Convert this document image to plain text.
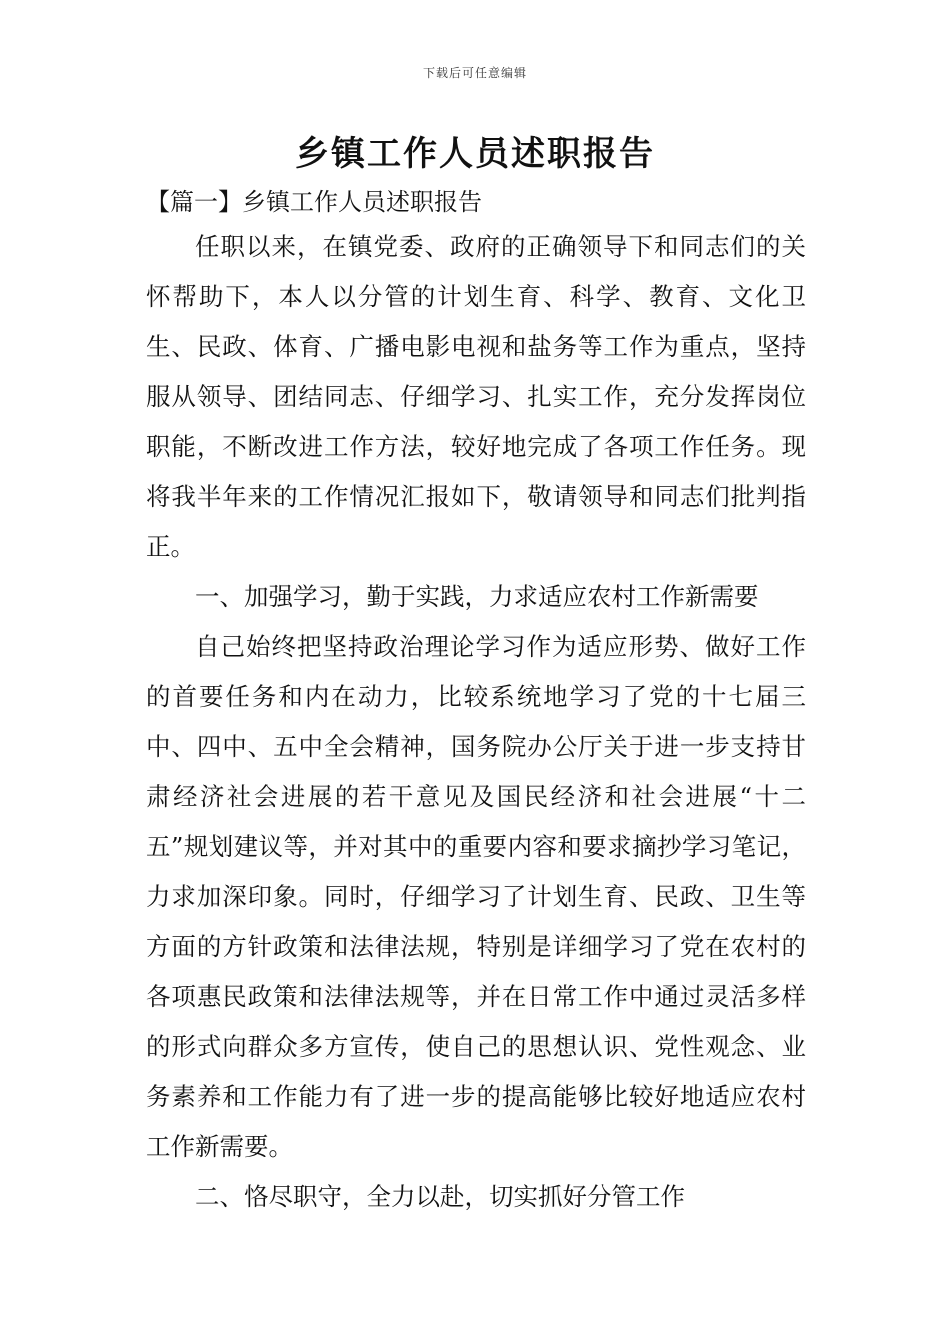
下载后可任意编辑
乡镇工作人员述职报告
【篇一】乡镇工作人员述职报告

任职以来，在镇党委、政府的正确领导下和同志们的关怀帮助下，本人以分管的计划生育、科学、教育、文化卫生、民政、体育、广播电影电视和盐务等工作为重点，坚持服从领导、团结同志、仔细学习、扎实工作，充分发挥岗位职能，不断改进工作方法，较好地完成了各项工作任务。现将我半年来的工作情况汇报如下，敬请领导和同志们批判指正。

一、加强学习，勤于实践，力求适应农村工作新需要

自己始终把坚持政治理论学习作为适应形势、做好工作的首要任务和内在动力，比较系统地学习了党的十七届三中、四中、五中全会精神，国务院办公厅关于进一步支持甘肃经济社会进展的若干意见及国民经济和社会进展“十二五”规划建议等，并对其中的重要内容和要求摘抄学习笔记，力求加深印象。同时，仔细学习了计划生育、民政、卫生等方面的方针政策和法律法规，特别是详细学习了党在农村的各项惠民政策和法律法规等，并在日常工作中通过灵活多样的形式向群众多方宣传，使自己的思想认识、党性观念、业务素养和工作能力有了进一步的提高能够比较好地适应农村工作新需要。

二、恪尽职守，全力以赴，切实抓好分管工作
